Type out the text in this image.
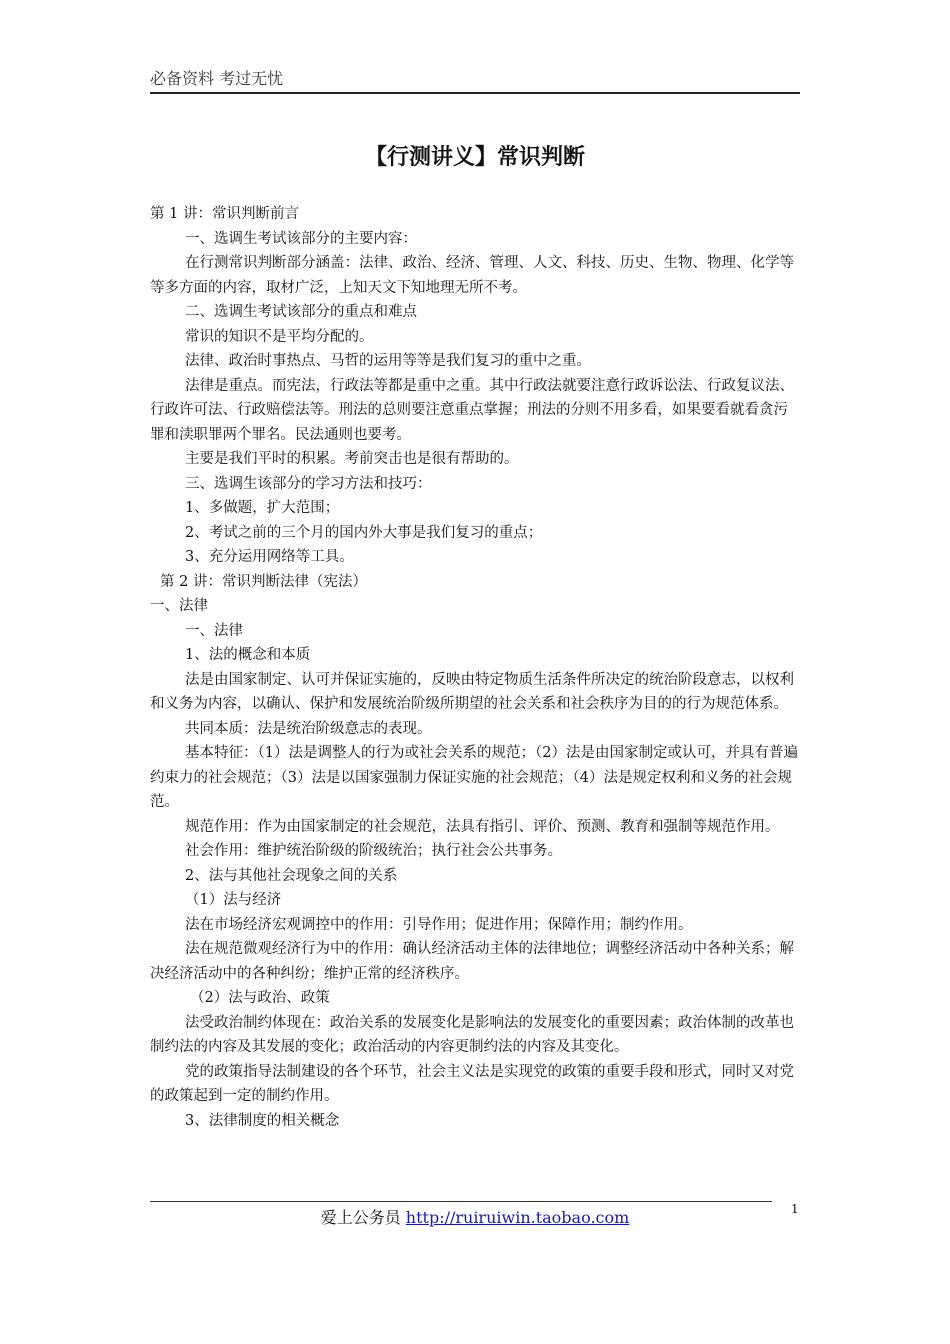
必备资料 考过无忧
【行测讲义】常识判断

第 1 讲：常识判断前言

一、选调生考试该部分的主要内容：

在行测常识判断部分涵盖：法律、政治、经济、管理、人文、科技、历史、生物、物理、化学等等多方面的内容，取材广泛，上知天文下知地理无所不考。

二、选调生考试该部分的重点和难点

常识的知识不是平均分配的。

法律、政治时事热点、马哲的运用等等是我们复习的重中之重。

法律是重点。而宪法，行政法等都是重中之重。其中行政法就要注意行政诉讼法、行政复议法、行政许可法、行政赔偿法等。刑法的总则要注意重点掌握；刑法的分则不用多看，如果要看就看贪污罪和渎职罪两个罪名。民法通则也要考。

主要是我们平时的积累。考前突击也是很有帮助的。

三、选调生该部分的学习方法和技巧：

1、多做题，扩大范围；

2、考试之前的三个月的国内外大事是我们复习的重点；

3、充分运用网络等工具。

第 2 讲：常识判断法律（宪法）

一、法律

一、法律

1、法的概念和本质

法是由国家制定、认可并保证实施的，反映由特定物质生活条件所决定的统治阶段意志，以权利和义务为内容，以确认、保护和发展统治阶级所期望的社会关系和社会秩序为目的的行为规范体系。

共同本质：法是统治阶级意志的表现。

基本特征：（1）法是调整人的行为或社会关系的规范；（2）法是由国家制定或认可，并具有普遍约束力的社会规范；（3）法是以国家强制力保证实施的社会规范；（4）法是规定权利和义务的社会规范。

规范作用：作为由国家制定的社会规范，法具有指引、评价、预测、教育和强制等规范作用。

社会作用：维护统治阶级的阶级统治；执行社会公共事务。

2、法与其他社会现象之间的关系

（1）法与经济

法在市场经济宏观调控中的作用：引导作用；促进作用；保障作用；制约作用。

法在规范微观经济行为中的作用：确认经济活动主体的法律地位；调整经济活动中各种关系；解决经济活动中的各种纠纷；维护正常的经济秩序。

（2）法与政治、政策

法受政治制约体现在：政治关系的发展变化是影响法的发展变化的重要因素；政治体制的改革也制约法的内容及其发展的变化；政治活动的内容更制约法的内容及其变化。

党的政策指导法制建设的各个环节，社会主义法是实现党的政策的重要手段和形式，同时又对党的政策起到一定的制约作用。

3、法律制度的相关概念

爱上公务员 http://ruiruiwin.taobao.com	1
